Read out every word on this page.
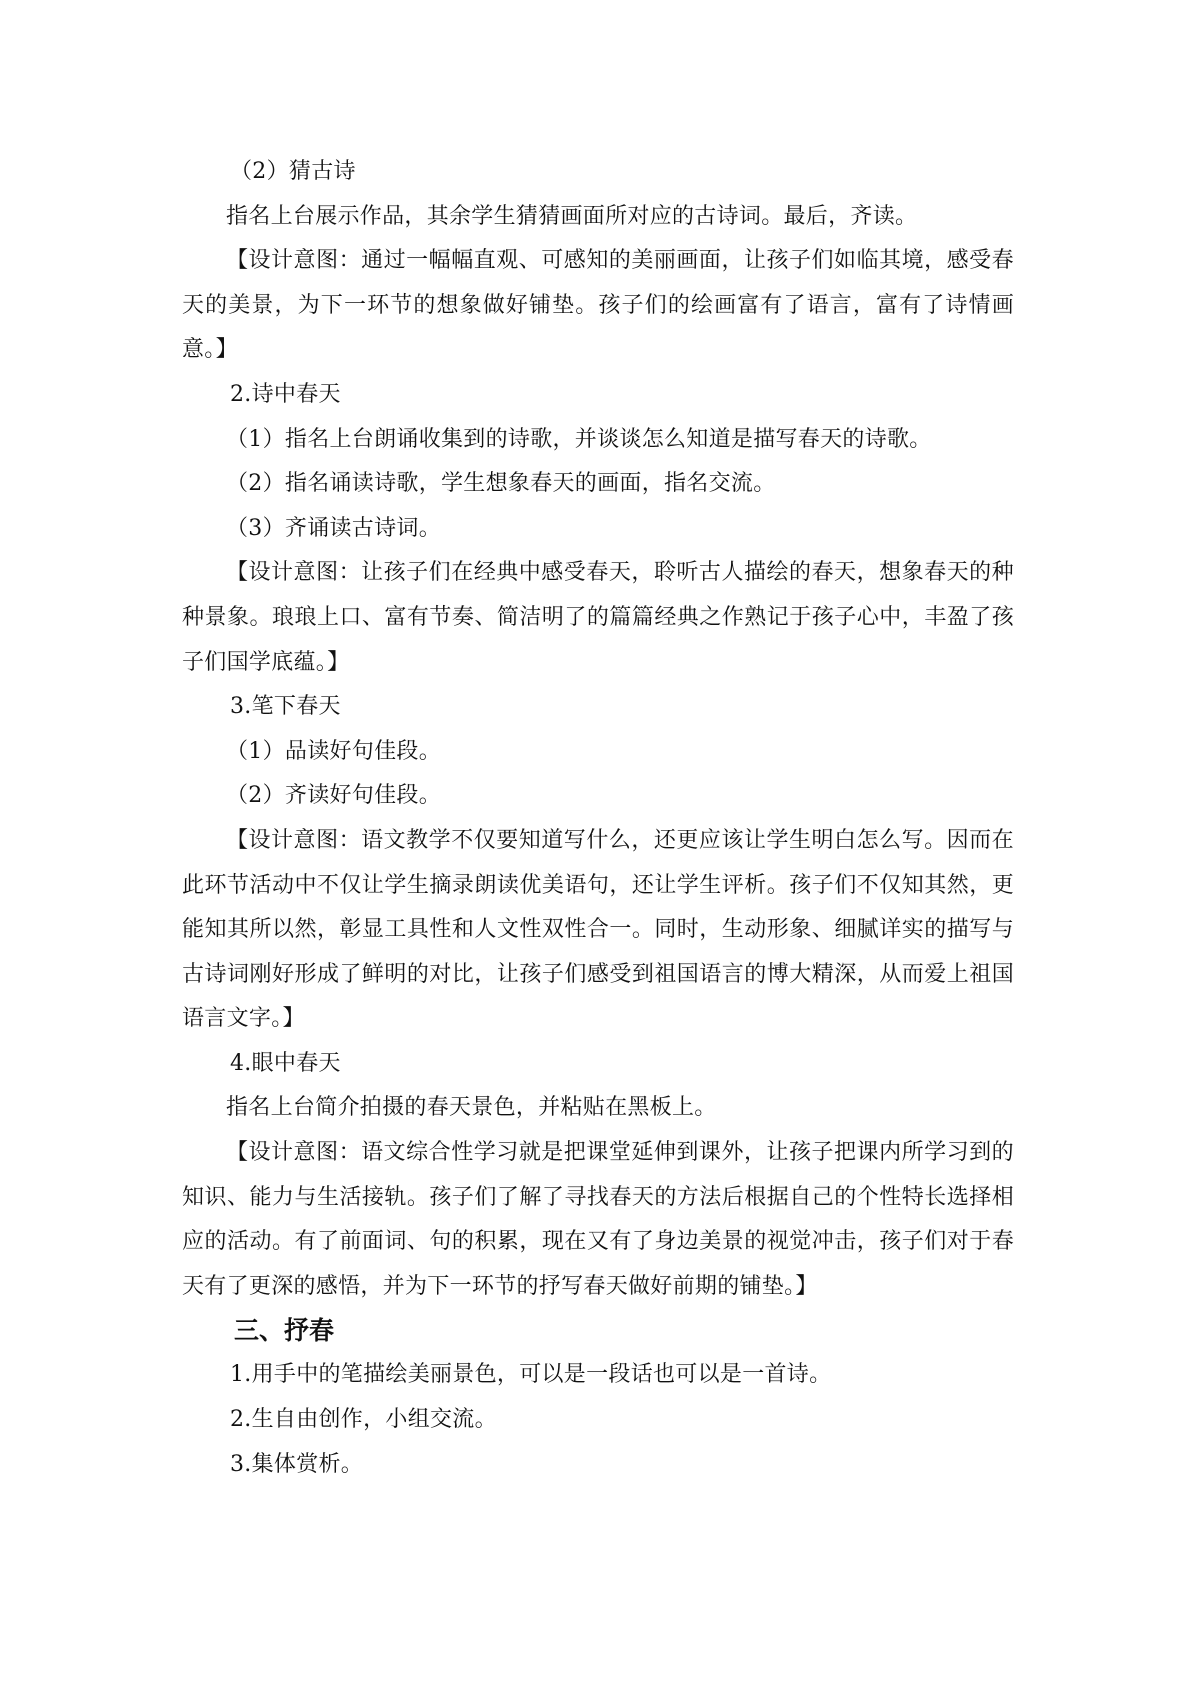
（2）猜古诗
指名上台展示作品，其余学生猜猜画面所对应的古诗词。最后，齐读。
【设计意图：通过一幅幅直观、可感知的美丽画面，让孩子们如临其境，感受春天的美景，为下一环节的想象做好铺垫。孩子们的绘画富有了语言，富有了诗情画意。】
2.诗中春天
（1）指名上台朗诵收集到的诗歌，并谈谈怎么知道是描写春天的诗歌。
（2）指名诵读诗歌，学生想象春天的画面，指名交流。
（3）齐诵读古诗词。
【设计意图：让孩子们在经典中感受春天，聆听古人描绘的春天，想象春天的种种景象。琅琅上口、富有节奏、简洁明了的篇篇经典之作熟记于孩子心中，丰盈了孩子们国学底蕴。】
3.笔下春天
（1）品读好句佳段。
（2）齐读好句佳段。
【设计意图：语文教学不仅要知道写什么，还更应该让学生明白怎么写。因而在此环节活动中不仅让学生摘录朗读优美语句，还让学生评析。孩子们不仅知其然，更能知其所以然，彰显工具性和人文性双性合一。同时，生动形象、细腻详实的描写与古诗词刚好形成了鲜明的对比，让孩子们感受到祖国语言的博大精深，从而爱上祖国语言文字。】
4.眼中春天
指名上台简介拍摄的春天景色，并粘贴在黑板上。
【设计意图：语文综合性学习就是把课堂延伸到课外，让孩子把课内所学习到的知识、能力与生活接轨。孩子们了解了寻找春天的方法后根据自己的个性特长选择相应的活动。有了前面词、句的积累，现在又有了身边美景的视觉冲击，孩子们对于春天有了更深的感悟，并为下一环节的抒写春天做好前期的铺垫。】
三、抒春
1.用手中的笔描绘美丽景色，可以是一段话也可以是一首诗。
2.生自由创作，小组交流。
3.集体赏析。
